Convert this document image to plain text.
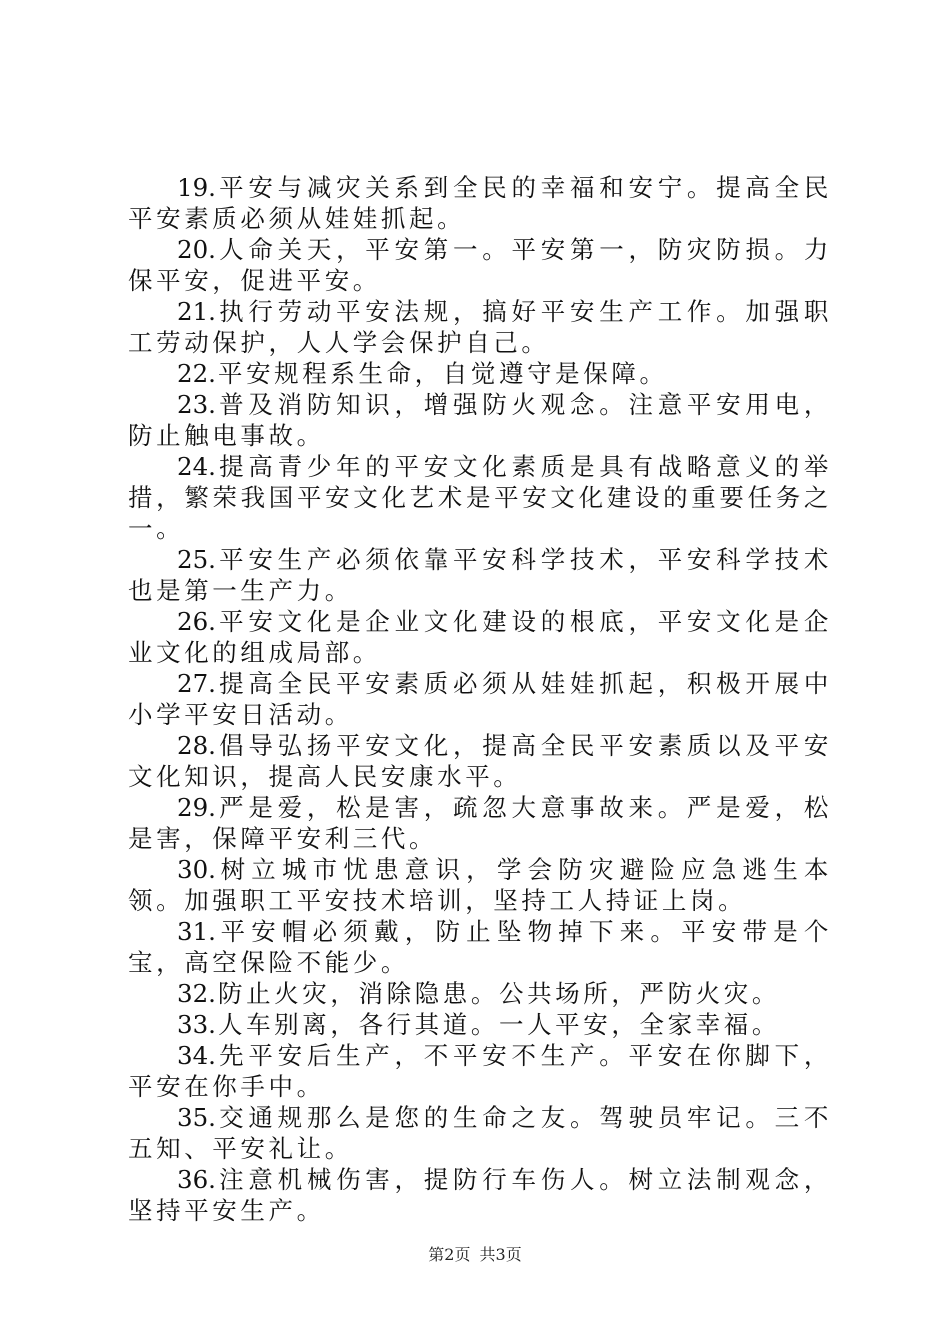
19.平安与减灾关系到全民的幸福和安宁。提高全民平安素质必须从娃娃抓起。

20.人命关天，平安第一。平安第一，防灾防损。力保平安，促进平安。

21.执行劳动平安法规，搞好平安生产工作。加强职工劳动保护，人人学会保护自己。

22.平安规程系生命，自觉遵守是保障。

23.普及消防知识，增强防火观念。注意平安用电，防止触电事故。

24.提高青少年的平安文化素质是具有战略意义的举措，繁荣我国平安文化艺术是平安文化建设的重要任务之一。

25.平安生产必须依靠平安科学技术，平安科学技术也是第一生产力。

26.平安文化是企业文化建设的根底，平安文化是企业文化的组成局部。

27.提高全民平安素质必须从娃娃抓起，积极开展中小学平安日活动。

28.倡导弘扬平安文化，提高全民平安素质以及平安文化知识，提高人民安康水平。

29.严是爱，松是害，疏忽大意事故来。严是爱，松是害，保障平安利三代。

30.树立城市忧患意识，学会防灾避险应急逃生本领。加强职工平安技术培训，坚持工人持证上岗。

31.平安帽必须戴，防止坠物掉下来。平安带是个宝，高空保险不能少。

32.防止火灾，消除隐患。公共场所，严防火灾。

33.人车别离，各行其道。一人平安，全家幸福。

34.先平安后生产，不平安不生产。平安在你脚下，平安在你手中。

35.交通规那么是您的生命之友。驾驶员牢记。三不五知、平安礼让。

36.注意机械伤害，提防行车伤人。树立法制观念，坚持平安生产。

第2页 共3页
